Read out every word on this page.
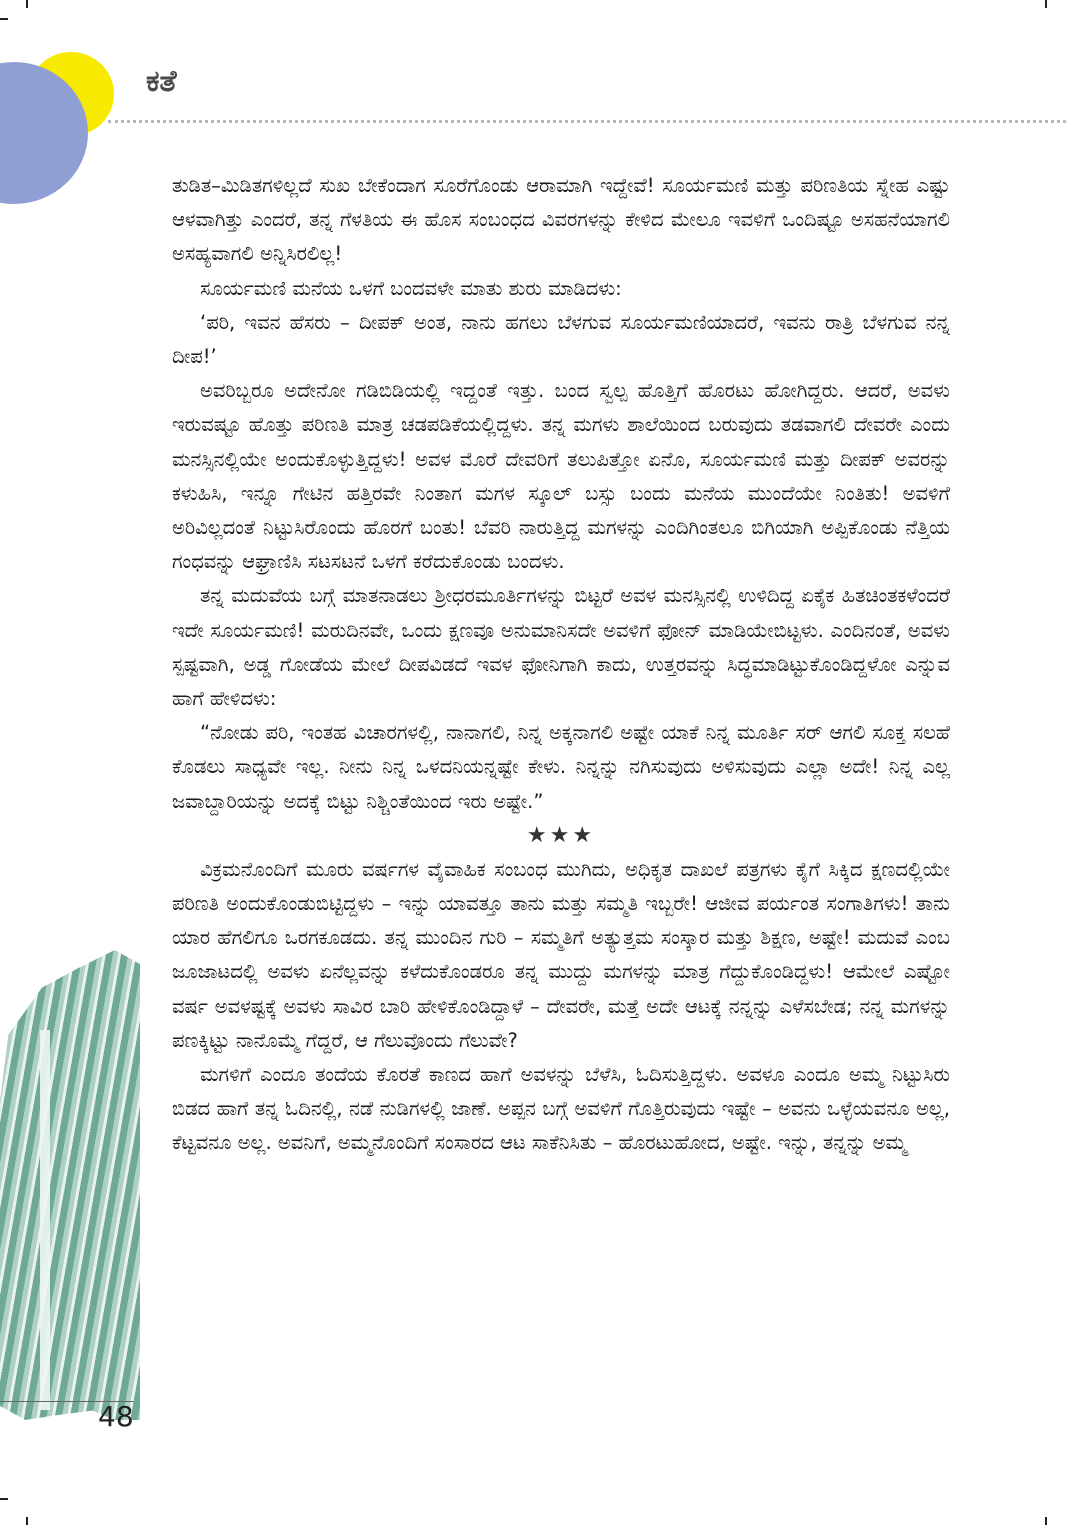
ಕತೆ

ತುಡಿತ–ಮಿಡಿತಗಳಿಲ್ಲದೆ ಸುಖ ಬೇಕೆಂದಾಗ ಸೂರೆಗೊಂಡು ಆರಾಮಾಗಿ ಇದ್ದೇವೆ! ಸೂರ್ಯಮಣಿ ಮತ್ತು ಪರಿಣತಿಯ ಸ್ನೇಹ ಎಷ್ಟು ಆಳವಾಗಿತ್ತು ಎಂದರೆ, ತನ್ನ ಗೆಳತಿಯ ಈ ಹೊಸ ಸಂಬಂಧದ ವಿವರಗಳನ್ನು ಕೇಳಿದ ಮೇಲೂ ಇವಳಿಗೆ ಒಂದಿಷ್ಟೂ ಅಸಹನೆಯಾಗಲಿ ಅಸಹ್ಯವಾಗಲಿ ಅನ್ನಿಸಿರಲಿಲ್ಲ!

ಸೂರ್ಯಮಣಿ ಮನೆಯ ಒಳಗೆ ಬಂದವಳೇ ಮಾತು ಶುರು ಮಾಡಿದಳು:

‘ಪರಿ, ಇವನ ಹೆಸರು – ದೀಪಕ್ ಅಂತ, ನಾನು ಹಗಲು ಬೆಳಗುವ ಸೂರ್ಯಮಣಿಯಾದರೆ, ಇವನು ರಾತ್ರಿ ಬೆಳಗುವ ನನ್ನ ದೀಪ!’

ಅವರಿಬ್ಬರೂ ಅದೇನೋ ಗಡಿಬಿಡಿಯಲ್ಲಿ ಇದ್ದಂತೆ ಇತ್ತು. ಬಂದ ಸ್ವಲ್ಪ ಹೊತ್ತಿಗೆ ಹೊರಟು ಹೋಗಿದ್ದರು. ಆದರೆ, ಅವಳು ಇರುವಷ್ಟೂ ಹೊತ್ತು ಪರಿಣತಿ ಮಾತ್ರ ಚಡಪಡಿಕೆಯಲ್ಲಿದ್ದಳು. ತನ್ನ ಮಗಳು ಶಾಲೆಯಿಂದ ಬರುವುದು ತಡವಾಗಲಿ ದೇವರೇ ಎಂದು ಮನಸ್ಸಿನಲ್ಲಿಯೇ ಅಂದುಕೊಳ್ಳುತ್ತಿದ್ದಳು! ಅವಳ ಮೊರೆ ದೇವರಿಗೆ ತಲುಪಿತ್ತೋ ಏನೊ, ಸೂರ್ಯಮಣಿ ಮತ್ತು ದೀಪಕ್ ಅವರನ್ನು ಕಳುಹಿಸಿ, ಇನ್ನೂ ಗೇಟಿನ ಹತ್ತಿರವೇ ನಿಂತಾಗ ಮಗಳ ಸ್ಕೂಲ್ ಬಸ್ಸು ಬಂದು ಮನೆಯ ಮುಂದೆಯೇ ನಿಂತಿತು! ಅವಳಿಗೆ ಅರಿವಿಲ್ಲದಂತೆ ನಿಟ್ಟುಸಿರೊಂದು ಹೊರಗೆ ಬಂತು! ಬೆವರಿ ನಾರುತ್ತಿದ್ದ ಮಗಳನ್ನು ಎಂದಿಗಿಂತಲೂ ಬಿಗಿಯಾಗಿ ಅಪ್ಪಿಕೊಂಡು ನೆತ್ತಿಯ ಗಂಧವನ್ನು ಆಘ್ರಾಣಿಸಿ ಸಟಸಟನೆ ಒಳಗೆ ಕರೆದುಕೊಂಡು ಬಂದಳು.

ತನ್ನ ಮದುವೆಯ ಬಗ್ಗೆ ಮಾತನಾಡಲು ಶ್ರೀಧರಮೂರ್ತಿಗಳನ್ನು ಬಿಟ್ಟರೆ ಅವಳ ಮನಸ್ಸಿನಲ್ಲಿ ಉಳಿದಿದ್ದ ಏಕೈಕ ಹಿತಚಿಂತಕಳೆಂದರೆ ಇದೇ ಸೂರ್ಯಮಣಿ! ಮರುದಿನವೇ, ಒಂದು ಕ್ಷಣವೂ ಅನುಮಾನಿಸದೇ ಅವಳಿಗೆ ಫೋನ್ ಮಾಡಿಯೇಬಿಟ್ಟಳು. ಎಂದಿನಂತೆ, ಅವಳು ಸ್ಪಷ್ಟವಾಗಿ, ಅಡ್ಡ ಗೋಡೆಯ ಮೇಲೆ ದೀಪವಿಡದೆ ಇವಳ ಫೋನಿಗಾಗಿ ಕಾದು, ಉತ್ತರವನ್ನು ಸಿದ್ಧಮಾಡಿಟ್ಟುಕೊಂಡಿದ್ದಳೋ ಎನ್ನುವ ಹಾಗೆ ಹೇಳಿದಳು:

“ನೋಡು ಪರಿ, ಇಂತಹ ವಿಚಾರಗಳಲ್ಲಿ, ನಾನಾಗಲಿ, ನಿನ್ನ ಅಕ್ಕನಾಗಲಿ ಅಷ್ಟೇ ಯಾಕೆ ನಿನ್ನ ಮೂರ್ತಿ ಸರ್ ಆಗಲಿ ಸೂಕ್ತ ಸಲಹೆ ಕೊಡಲು ಸಾಧ್ಯವೇ ಇಲ್ಲ. ನೀನು ನಿನ್ನ ಒಳದನಿಯನ್ನಷ್ಟೇ ಕೇಳು. ನಿನ್ನನ್ನು ನಗಿಸುವುದು ಅಳಿಸುವುದು ಎಲ್ಲಾ ಅದೇ! ನಿನ್ನ ಎಲ್ಲ ಜವಾಬ್ದಾರಿಯನ್ನು ಅದಕ್ಕೆ ಬಿಟ್ಟು ನಿಶ್ಚಿಂತೆಯಿಂದ ಇರು ಅಷ್ಟೇ.”

★★★

ವಿಕ್ರಮನೊಂದಿಗೆ ಮೂರು ವರ್ಷಗಳ ವೈವಾಹಿಕ ಸಂಬಂಧ ಮುಗಿದು, ಅಧಿಕೃತ ದಾಖಲೆ ಪತ್ರಗಳು ಕೈಗೆ ಸಿಕ್ಕಿದ ಕ್ಷಣದಲ್ಲಿಯೇ ಪರಿಣತಿ ಅಂದುಕೊಂಡುಬಿಟ್ಟಿದ್ದಳು – ಇನ್ನು ಯಾವತ್ತೂ ತಾನು ಮತ್ತು ಸಮ್ಮತಿ ಇಬ್ಬರೇ! ಆಜೀವ ಪರ್ಯಂತ ಸಂಗಾತಿಗಳು! ತಾನು ಯಾರ ಹೆಗಲಿಗೂ ಒರಗಕೂಡದು. ತನ್ನ ಮುಂದಿನ ಗುರಿ – ಸಮ್ಮತಿಗೆ ಅತ್ಯುತ್ತಮ ಸಂಸ್ಕಾರ ಮತ್ತು ಶಿಕ್ಷಣ, ಅಷ್ಟೇ! ಮದುವೆ ಎಂಬ ಜೂಜಾಟದಲ್ಲಿ ಅವಳು ಏನೆಲ್ಲವನ್ನು ಕಳೆದುಕೊಂಡರೂ ತನ್ನ ಮುದ್ದು ಮಗಳನ್ನು ಮಾತ್ರ ಗೆದ್ದುಕೊಂಡಿದ್ದಳು! ಆಮೇಲೆ ಎಷ್ಟೋ ವರ್ಷ ಅವಳಷ್ಟಕ್ಕೆ ಅವಳು ಸಾವಿರ ಬಾರಿ ಹೇಳಿಕೊಂಡಿದ್ದಾಳೆ – ದೇವರೇ, ಮತ್ತೆ ಅದೇ ಆಟಕ್ಕೆ ನನ್ನನ್ನು ಎಳೆಸಬೇಡ; ನನ್ನ ಮಗಳನ್ನು ಪಣಕ್ಕಿಟ್ಟು ನಾನೊಮ್ಮೆ ಗೆದ್ದರೆ, ಆ ಗೆಲುವೊಂದು ಗೆಲುವೇ?

ಮಗಳಿಗೆ ಎಂದೂ ತಂದೆಯ ಕೊರತೆ ಕಾಣದ ಹಾಗೆ ಅವಳನ್ನು ಬೆಳೆಸಿ, ಓದಿಸುತ್ತಿದ್ದಳು. ಅವಳೂ ಎಂದೂ ಅಮ್ಮ ನಿಟ್ಟುಸಿರು ಬಿಡದ ಹಾಗೆ ತನ್ನ ಓದಿನಲ್ಲಿ, ನಡೆ ನುಡಿಗಳಲ್ಲಿ ಜಾಣೆ. ಅಪ್ಪನ ಬಗ್ಗೆ ಅವಳಿಗೆ ಗೊತ್ತಿರುವುದು ಇಷ್ಟೇ – ಅವನು ಒಳ್ಳೆಯವನೂ ಅಲ್ಲ, ಕೆಟ್ಟವನೂ ಅಲ್ಲ. ಅವನಿಗೆ, ಅಮ್ಮನೊಂದಿಗೆ ಸಂಸಾರದ ಆಟ ಸಾಕೆನಿಸಿತು – ಹೊರಟುಹೋದ, ಅಷ್ಟೇ. ಇನ್ನು, ತನ್ನನ್ನು ಅಮ್ಮ

48
